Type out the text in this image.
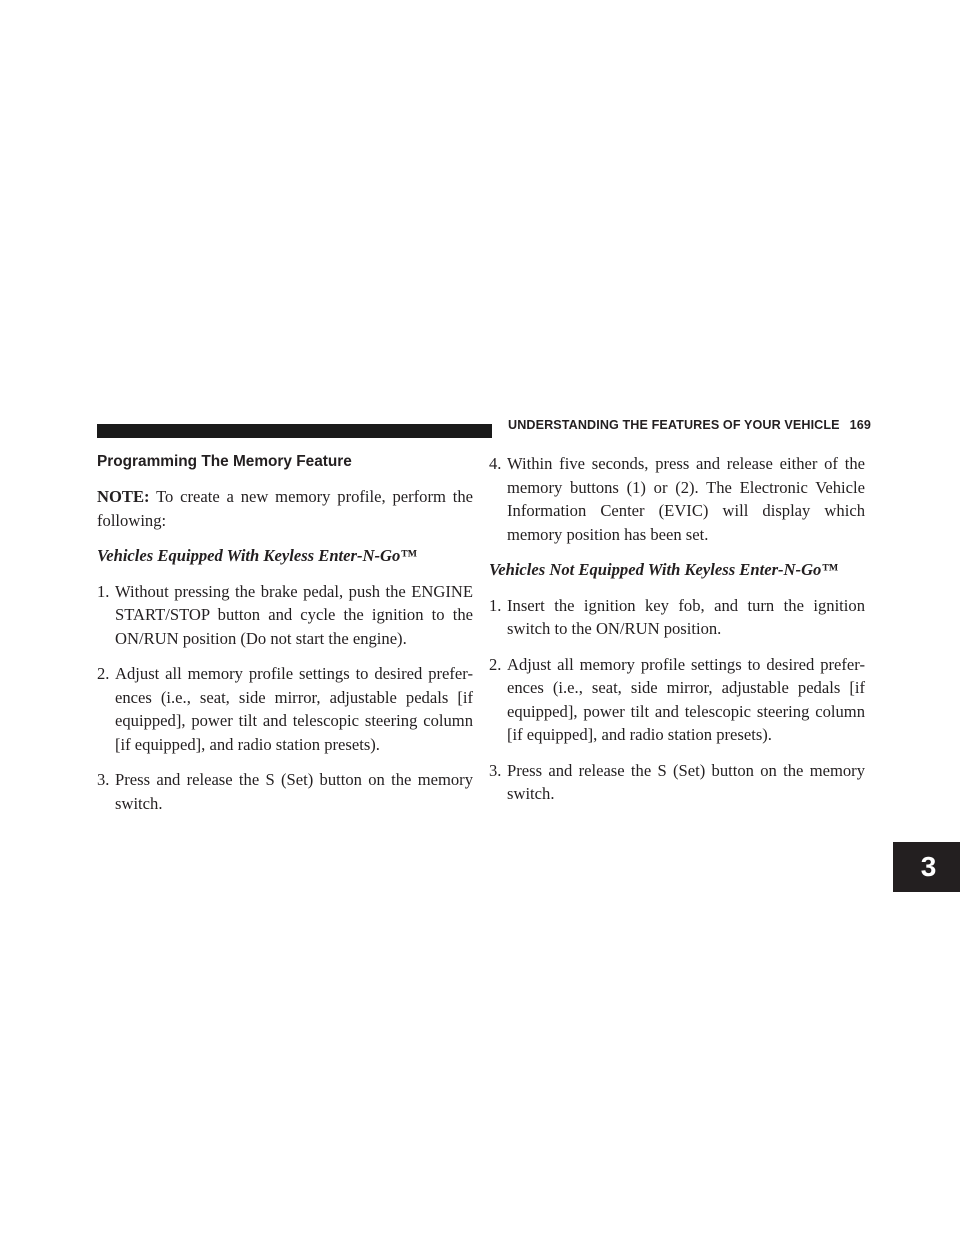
UNDERSTANDING THE FEATURES OF YOUR VEHICLE 169
3
Programming The Memory Feature

NOTE: To create a new memory profile, perform the following:

Vehicles Equipped With Keyless Enter-N-Go™

1. Without pressing the brake pedal, push the ENGINE START/STOP button and cycle the ignition to the ON/RUN position (Do not start the engine).
2. Adjust all memory profile settings to desired prefer-ences (i.e., seat, side mirror, adjustable pedals [if equipped], power tilt and telescopic steering column [if equipped], and radio station presets).
3. Press and release the S (Set) button on the memory switch.
4. Within five seconds, press and release either of the memory buttons (1) or (2). The Electronic Vehicle Information Center (EVIC) will display which memory position has been set.

Vehicles Not Equipped With Keyless Enter-N-Go™

1. Insert the ignition key fob, and turn the ignition switch to the ON/RUN position.
2. Adjust all memory profile settings to desired prefer-ences (i.e., seat, side mirror, adjustable pedals [if equipped], power tilt and telescopic steering column [if equipped], and radio station presets).
3. Press and release the S (Set) button on the memory switch.
